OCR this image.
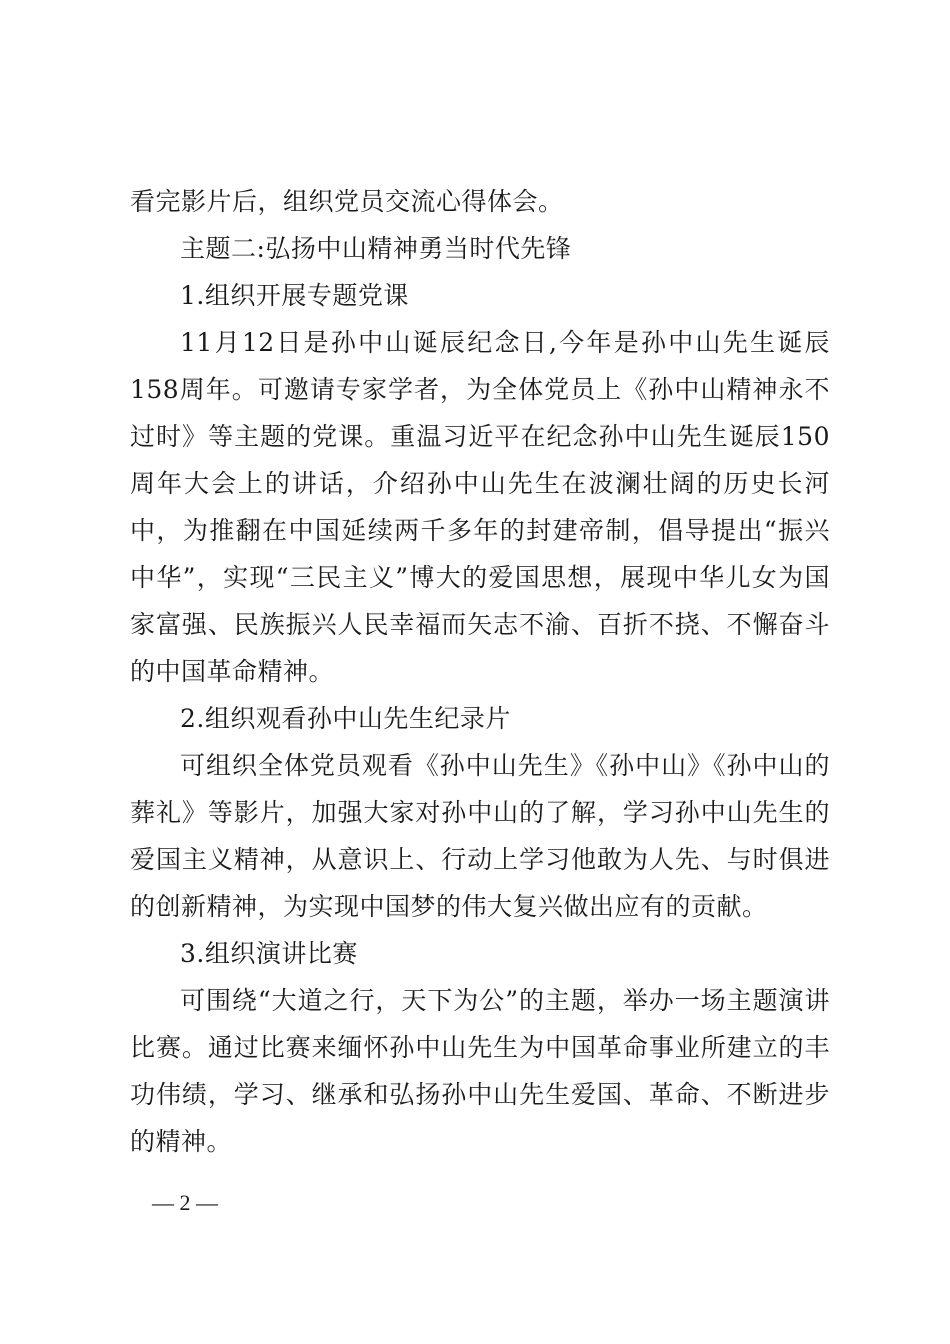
看完影片后，组织党员交流心得体会。

主题二:弘扬中山精神勇当时代先锋

1.组织开展专题党课

11月12日是孙中山诞辰纪念日,今年是孙中山先生诞辰158周年。可邀请专家学者，为全体党员上《孙中山精神永不过时》等主题的党课。重温习近平在纪念孙中山先生诞辰150周年大会上的讲话，介绍孙中山先生在波澜壮阔的历史长河中，为推翻在中国延续两千多年的封建帝制，倡导提出“振兴中华”，实现“三民主义”博大的爱国思想，展现中华儿女为国家富强、民族振兴人民幸福而矢志不渝、百折不挠、不懈奋斗的中国革命精神。

2.组织观看孙中山先生纪录片

可组织全体党员观看《孙中山先生》《孙中山》《孙中山的葬礼》等影片，加强大家对孙中山的了解，学习孙中山先生的爱国主义精神，从意识上、行动上学习他敢为人先、与时俱进的创新精神，为实现中国梦的伟大复兴做出应有的贡献。

3.组织演讲比赛

可围绕“大道之行，天下为公”的主题，举办一场主题演讲比赛。通过比赛来缅怀孙中山先生为中国革命事业所建立的丰功伟绩，学习、继承和弘扬孙中山先生爱国、革命、不断进步的精神。

— 2 —
